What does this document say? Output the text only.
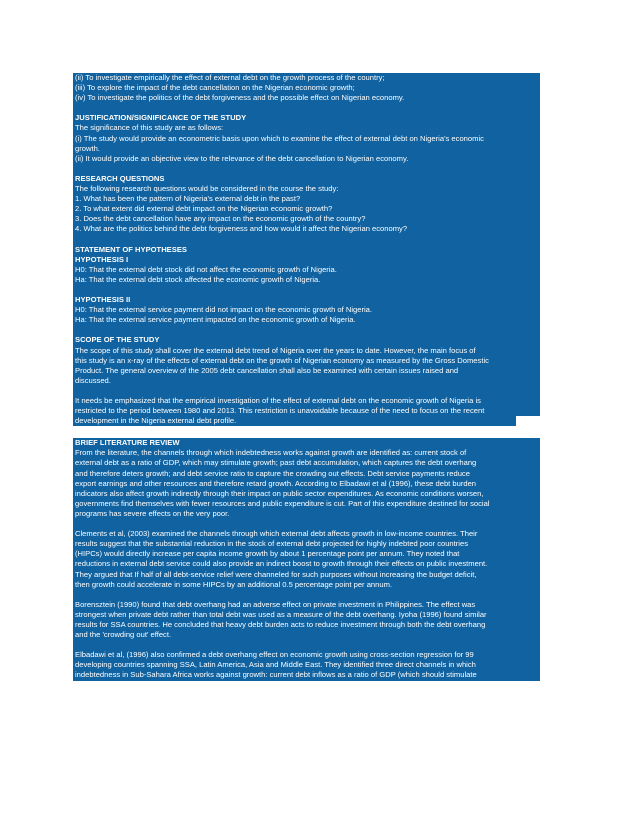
(ii) To investigate empirically the effect of external debt on the growth process of the country;
(iii) To explore the impact of the debt cancellation on the Nigerian economic growth;
(iv) To investigate the politics of the debt forgiveness and the possible effect on Nigerian economy.

JUSTIFICATION/SIGNIFICANCE OF THE STUDY
The significance of this study are as follows:
(i) The study would provide an econometric basis upon which to examine the effect of external debt on Nigeria's economic
growth.
(ii) It would provide an objective view to the relevance of the debt cancellation to Nigerian economy.

RESEARCH QUESTIONS
The following research questions would be considered in the course the study:
1. What has been the pattern of Nigeria's external debt in the past?
2. To what extent did external debt impact on the Nigerian economic growth?
3. Does the debt cancellation have any impact on the economic growth of the country?
4. What are the politics behind the debt forgiveness and how would it affect the Nigerian economy?

STATEMENT OF HYPOTHESES
HYPOTHESIS I
H0: That the external debt stock did not affect the economic growth of Nigeria.
Ha: That the external debt stock affected the economic growth of Nigeria.

HYPOTHESIS II
H0: That the external service payment did not impact on the economic growth of Nigeria.
Ha: That the external service payment impacted on the economic growth of Nigeria.

SCOPE OF THE STUDY
The scope of this study shall cover the external debt trend of Nigeria over the years to date. However, the main focus of
this study is an x-ray of the effects of external debt on the growth of Nigerian economy as measured by the Gross Domestic
Product. The general overview of the 2005 debt cancellation shall also be examined with certain issues raised and
discussed.

It needs be emphasized that the empirical investigation of the effect of external debt on the economic growth of Nigeria is
restricted to the period between 1980 and 2013. This restriction is unavoidable because of the need to focus on the recent
development in the Nigeria external debt profile.
BRIEF LITERATURE REVIEW
From the literature, the channels through which indebtedness works against growth are identified as: current stock of
external debt as a ratio of GDP, which may stimulate growth; past debt accumulation, which captures the debt overhang
and therefore deters growth; and debt service ratio to capture the crowding out effects. Debt service payments reduce
export earnings and other resources and therefore retard growth. According to Elbadawi et al (1996), these debt burden
indicators also affect growth indirectly through their impact on public sector expenditures. As economic conditions worsen,
governments find themselves with fewer resources and public expenditure is cut. Part of this expenditure destined for social
programs has severe effects on the very poor.

Clements et al, (2003) examined the channels through which external debt affects growth in low-income countries. Their
results suggest that the substantial reduction in the stock of external debt projected for highly indebted poor countries
(HIPCs) would directly increase per capita income growth by about 1 percentage point per annum. They noted that
reductions in external debt service could also provide an indirect boost to growth through their effects on public investment.
They argued that If half of all debt-service relief were channeled for such purposes without increasing the budget deficit,
then growth could accelerate in some HIPCs by an additional 0.5 percentage point per annum.

Borensztein (1990) found that debt overhang had an adverse effect on private investment in Philippines. The effect was
strongest when private debt rather than total debt was used as a measure of the debt overhang. Iyoha (1996) found similar
results for SSA countries. He concluded that heavy debt burden acts to reduce investment through both the debt overhang
and the 'crowding out' effect.

Elbadawi et al, (1996) also confirmed a debt overhang effect on economic growth using cross-section regression for 99
developing countries spanning SSA, Latin America, Asia and Middle East. They identified three direct channels in which
indebtedness in Sub-Sahara Africa works against growth: current debt inflows as a ratio of GDP (which should stimulate
